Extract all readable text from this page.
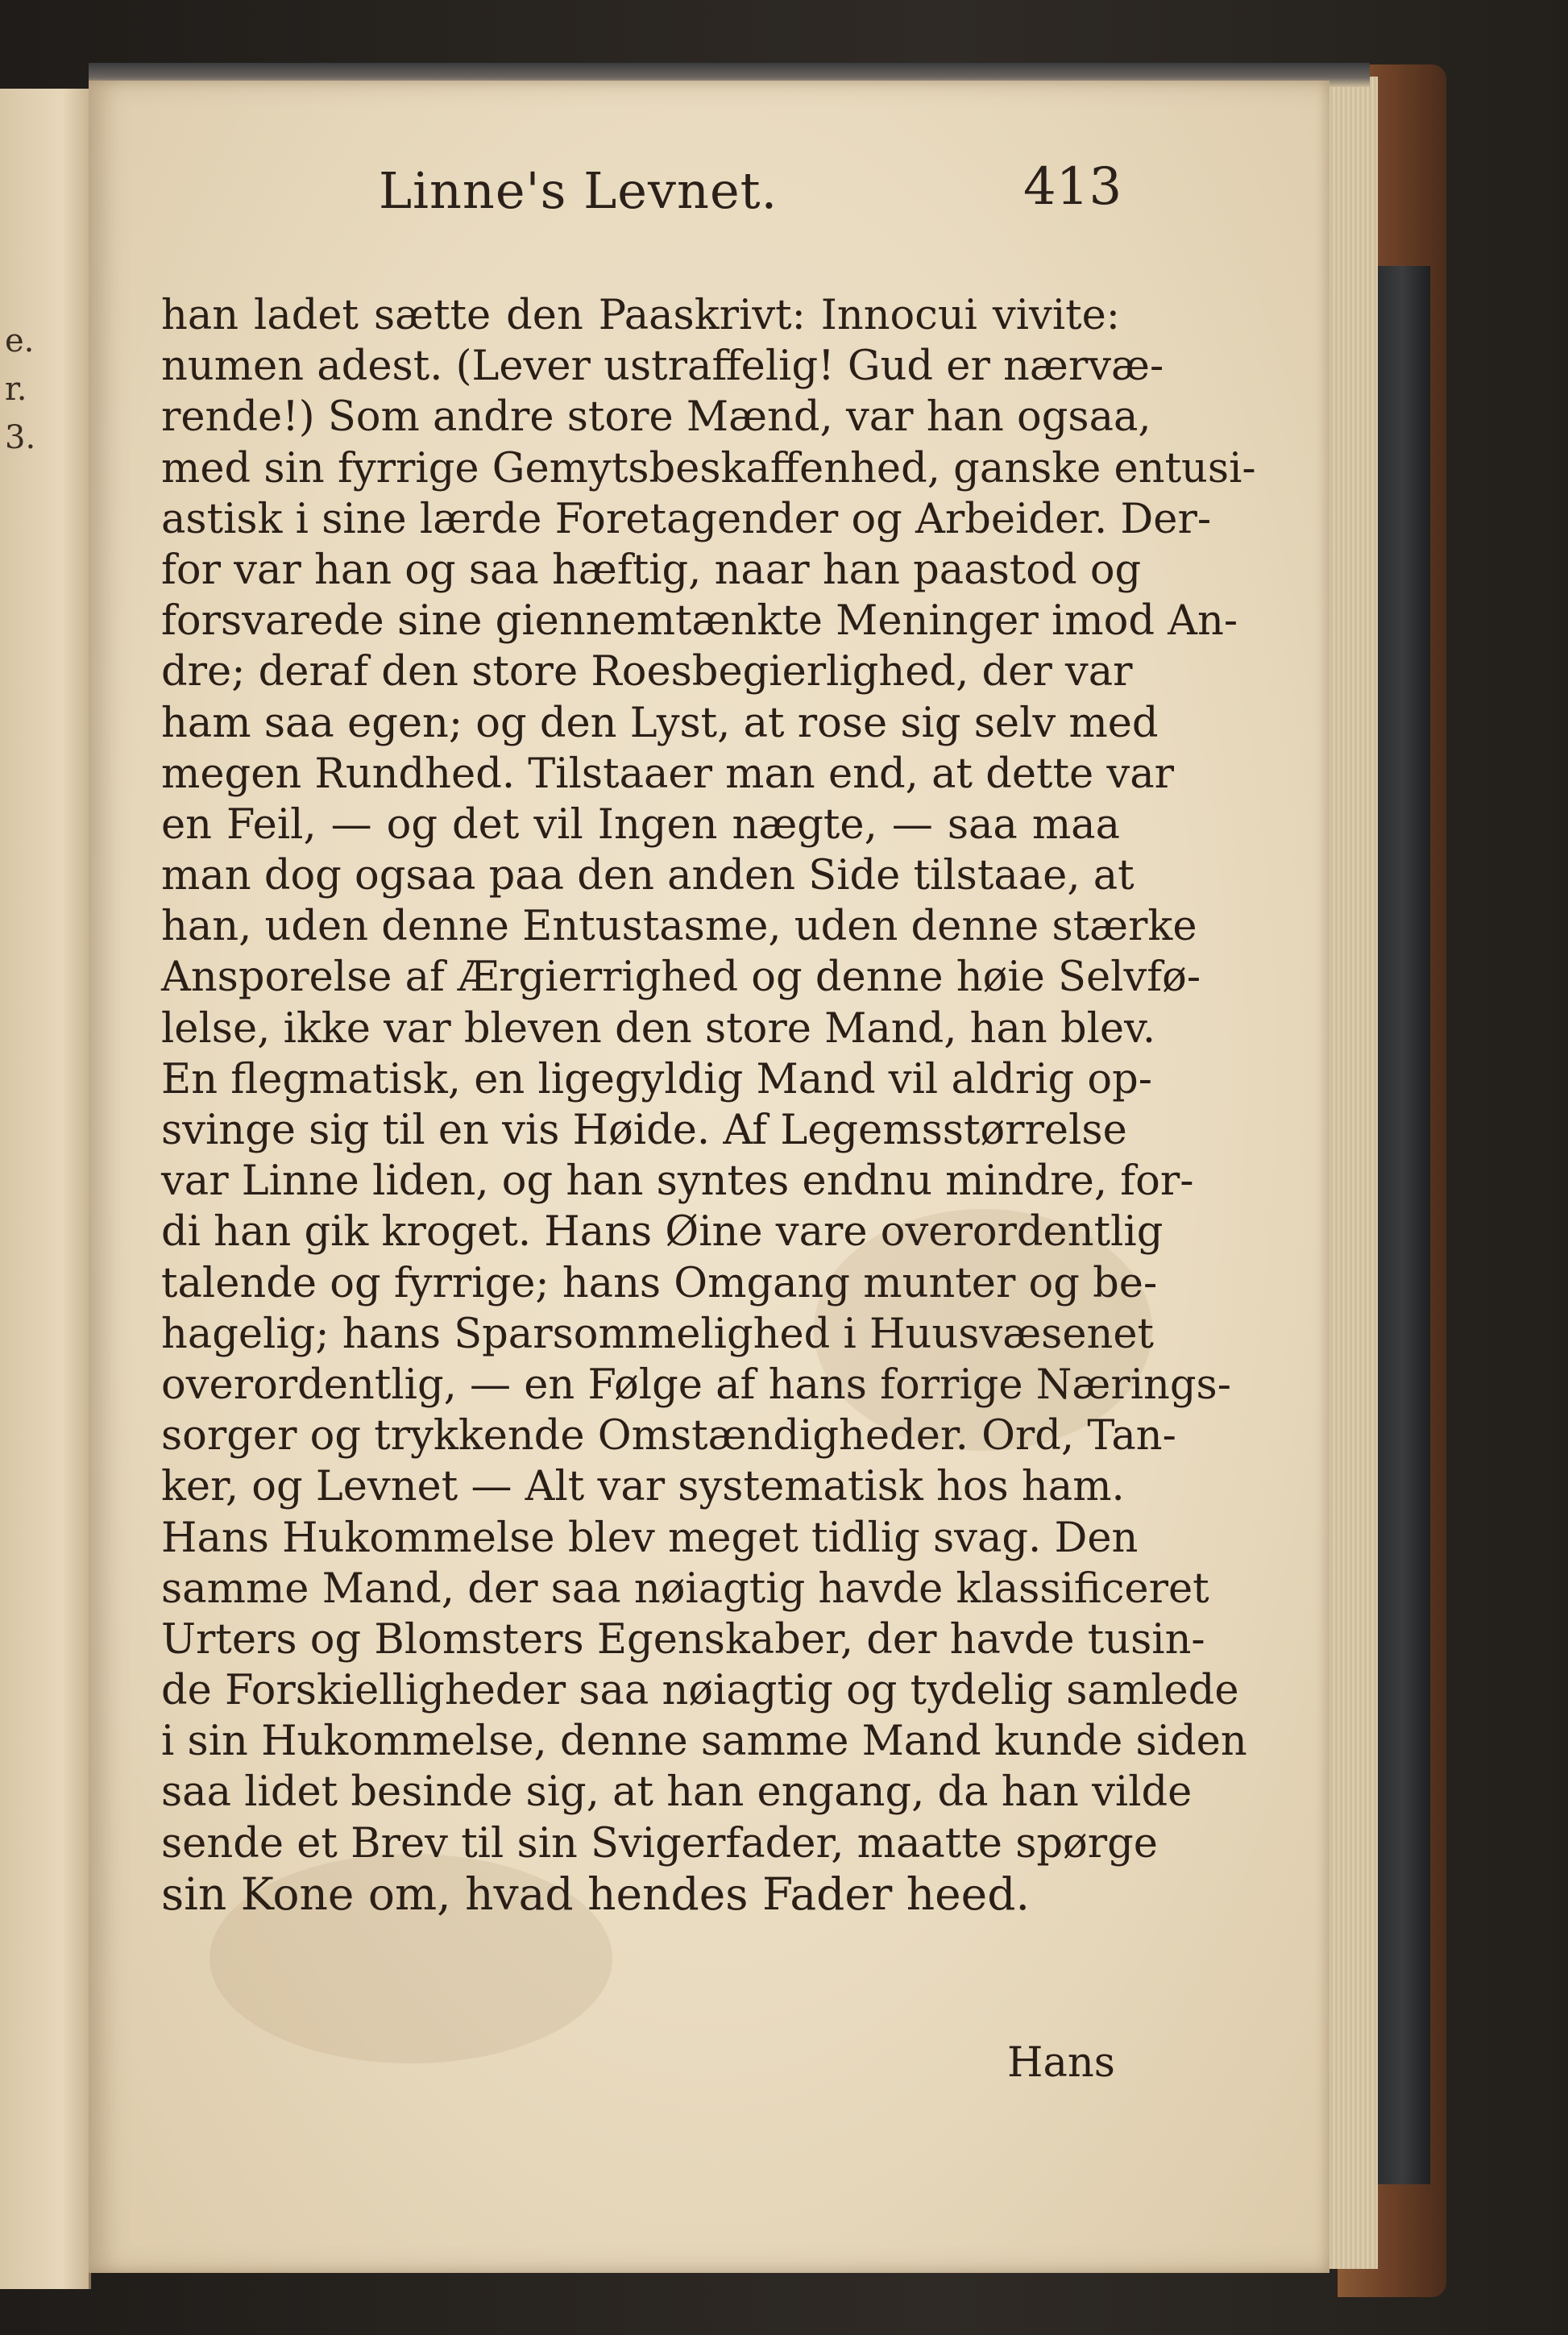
e.
r.
3.
Linne's Levnet.	413
han ladet sætte den Paaskrivt: Innocui vivite:
numen adest. (Lever ustraffelig! Gud er nærvæ-
rende!) Som andre store Mænd, var han ogsaa,
med sin fyrrige Gemytsbeskaffenhed, ganske entusi-
astisk i sine lærde Foretagender og Arbeider. Der-
for var han og saa hæftig, naar han paastod og
forsvarede sine giennemtænkte Meninger imod An-
dre; deraf den store Roesbegierlighed, der var
ham saa egen; og den Lyst, at rose sig selv med
megen Rundhed. Tilstaaer man end, at dette var
en Feil, — og det vil Ingen nægte, — saa maa
man dog ogsaa paa den anden Side tilstaae, at
han, uden denne Entustasme, uden denne stærke
Ansporelse af Ærgierrighed og denne høie Selvfø-
lelse, ikke var bleven den store Mand, han blev.
En flegmatisk, en ligegyldig Mand vil aldrig op-
svinge sig til en vis Høide. Af Legemsstørrelse
var Linne liden, og han syntes endnu mindre, for-
di han gik kroget. Hans Øine vare overordentlig
talende og fyrrige; hans Omgang munter og be-
hagelig; hans Sparsommelighed i Huusvæsenet
overordentlig, — en Følge af hans forrige Nærings-
sorger og trykkende Omstændigheder. Ord, Tan-
ker, og Levnet — Alt var systematisk hos ham.
Hans Hukommelse blev meget tidlig svag. Den
samme Mand, der saa nøiagtig havde klassificeret
Urters og Blomsters Egenskaber, der havde tusin-
de Forskielligheder saa nøiagtig og tydelig samlede
i sin Hukommelse, denne samme Mand kunde siden
saa lidet besinde sig, at han engang, da han vilde
sende et Brev til sin Svigerfader, maatte spørge
sin Kone om, hvad hendes Fader heed.
Hans
